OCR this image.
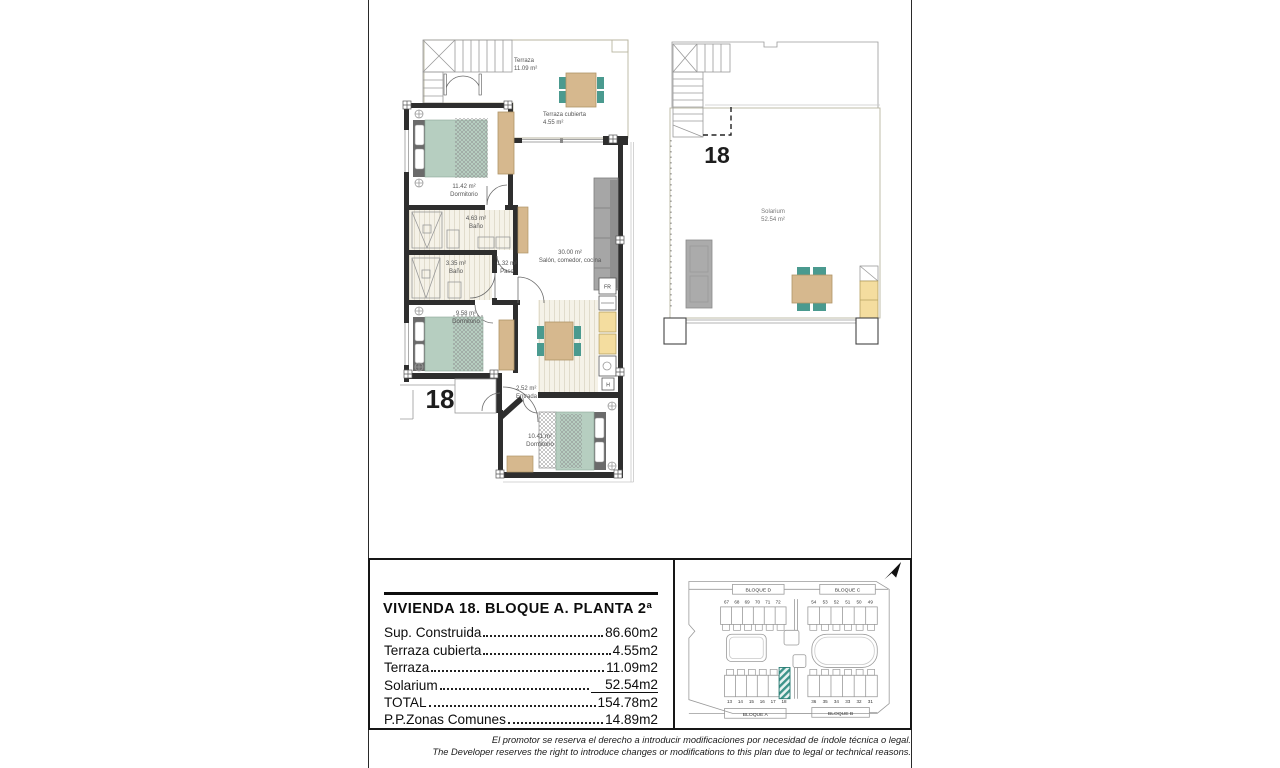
Terraza
11.09 m²
Terraza cubierta
4.55 m²
11.42 m²
Dormitorio
4.63 m²
Baño
3.35 m²
Baño
1.32 m²
Paso
30.00 m²
Salón, comedor, cocina
FR
H
9.58 m²
Dormitorio
2.52 m²
Entrada
18
10.41 m²
Dormitorio
18
Solarium
52.54 m²
VIVIENDA 18. BLOQUE A. PLANTA 2ª
Sup. Construida	86.60m2
Terraza cubierta	4.55m2
Terraza	11.09m2
Solarium	52.54m2
TOTAL	154.78m2
P.P.Zonas Comunes	14.89m2
BLOQUE D
67 68 69 70 71 72
BLOQUE C
54 53 52 51 50 49
13 14 15 16 17 18
BLOQUE A
36 35 34 33 32 31
BLOQUE B
El promotor se reserva el derecho a introducir modificaciones por necesidad de índole técnica o legal.
The Developer reserves the right to introduce changes or modifications to this plan due to legal or technical reasons.
